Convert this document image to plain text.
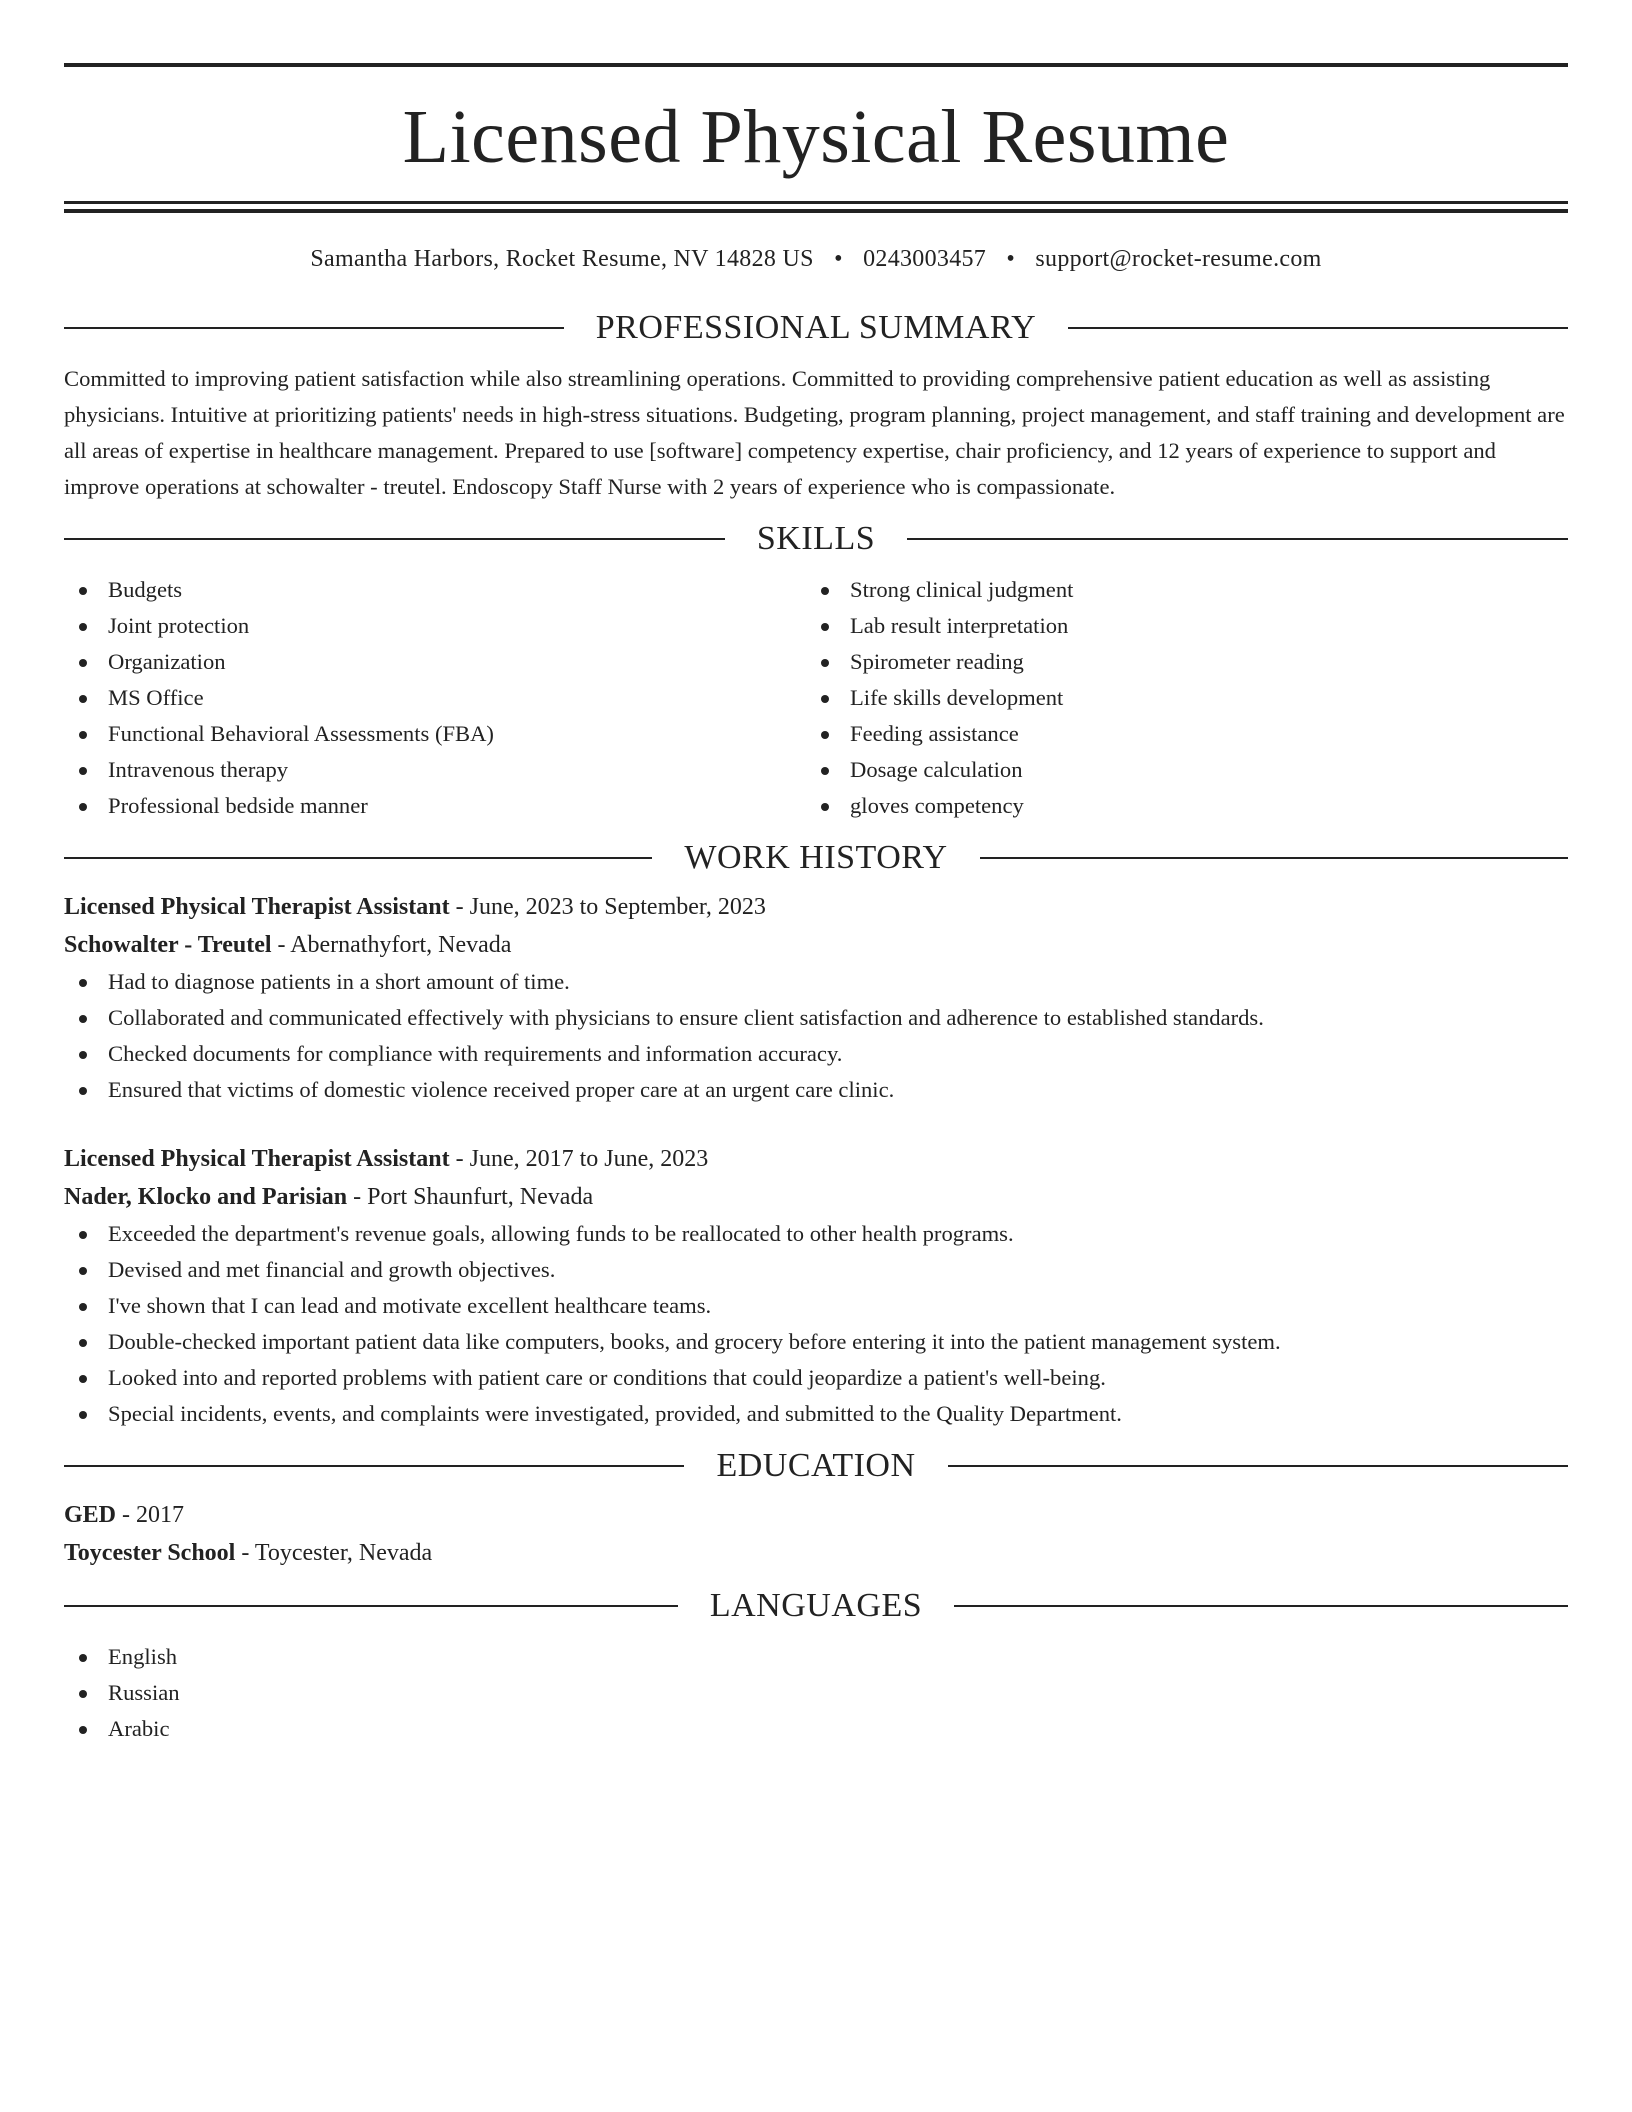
Licensed Physical Resume
Samantha Harbors, Rocket Resume, NV 14828 US • 0243003457 • support@rocket-resume.com
PROFESSIONAL SUMMARY
Committed to improving patient satisfaction while also streamlining operations. Committed to providing comprehensive patient education as well as assisting physicians. Intuitive at prioritizing patients' needs in high-stress situations. Budgeting, program planning, project management, and staff training and development are all areas of expertise in healthcare management. Prepared to use [software] competency expertise, chair proficiency, and 12 years of experience to support and improve operations at schowalter - treutel. Endoscopy Staff Nurse with 2 years of experience who is compassionate.
SKILLS
Budgets
Joint protection
Organization
MS Office
Functional Behavioral Assessments (FBA)
Intravenous therapy
Professional bedside manner
Strong clinical judgment
Lab result interpretation
Spirometer reading
Life skills development
Feeding assistance
Dosage calculation
gloves competency
WORK HISTORY
Licensed Physical Therapist Assistant - June, 2023 to September, 2023
Schowalter - Treutel - Abernathyfort, Nevada
Had to diagnose patients in a short amount of time.
Collaborated and communicated effectively with physicians to ensure client satisfaction and adherence to established standards.
Checked documents for compliance with requirements and information accuracy.
Ensured that victims of domestic violence received proper care at an urgent care clinic.
Licensed Physical Therapist Assistant - June, 2017 to June, 2023
Nader, Klocko and Parisian - Port Shaunfurt, Nevada
Exceeded the department's revenue goals, allowing funds to be reallocated to other health programs.
Devised and met financial and growth objectives.
I've shown that I can lead and motivate excellent healthcare teams.
Double-checked important patient data like computers, books, and grocery before entering it into the patient management system.
Looked into and reported problems with patient care or conditions that could jeopardize a patient's well-being.
Special incidents, events, and complaints were investigated, provided, and submitted to the Quality Department.
EDUCATION
GED - 2017
Toycester School - Toycester, Nevada
LANGUAGES
English
Russian
Arabic
